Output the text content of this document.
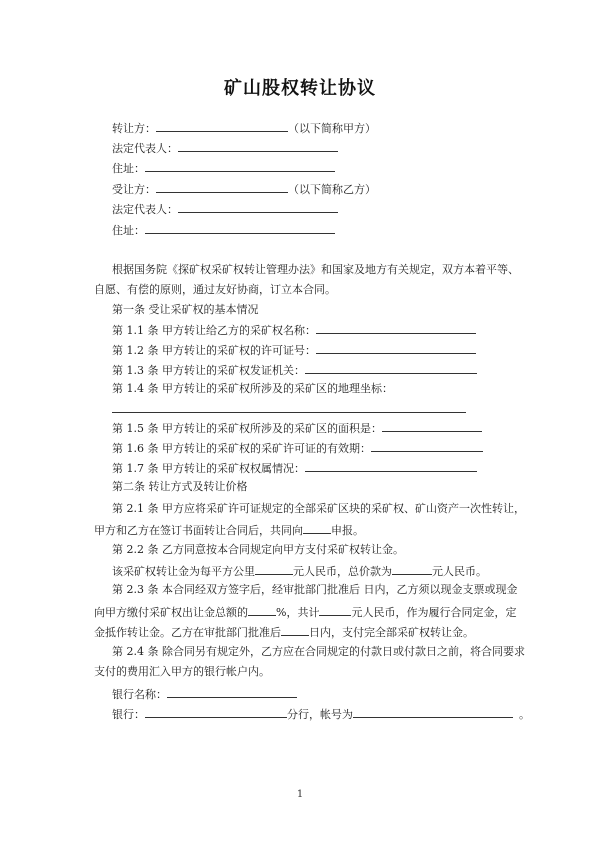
矿山股权转让协议
转让方：	（以下简称甲方）
法定代表人：
住址：
受让方：	（以下简称乙方）
法定代表人：
住址：
根据国务院《探矿权采矿权转让管理办法》和国家及地方有关规定，双方本着平等、
自愿、有偿的原则，通过友好协商，订立本合同。
第一条 受让采矿权的基本情况
第 1.1 条 甲方转让给乙方的采矿权名称：
第 1.2 条 甲方转让的采矿权的许可证号：
第 1.3 条 甲方转让的采矿权发证机关：
第 1.4 条 甲方转让的采矿权所涉及的采矿区的地理坐标：
第 1.5 条 甲方转让的采矿权所涉及的采矿区的面积是：
第 1.6 条 甲方转让的采矿权的采矿许可证的有效期：
第 1.7 条 甲方转让的采矿权权属情况：
第二条 转让方式及转让价格
第 2.1 条 甲方应将采矿许可证规定的全部采矿区块的采矿权、矿山资产一次性转让，
甲方和乙方在签订书面转让合同后，共同向	申报。
第 2.2 条 乙方同意按本合同规定向甲方支付采矿权转让金。
该采矿权转让金为每平方公里	元人民币，总价款为	元人民币。
第 2.3 条 本合同经双方签字后，经审批部门批准后 日内，乙方须以现金支票或现金
向甲方缴付采矿权出让金总额的	%，共计	元人民币，作为履行合同定金，定
金抵作转让金。乙方在审批部门批准后	日内，支付完全部采矿权转让金。
第 2.4 条 除合同另有规定外，乙方应在合同规定的付款日或付款日之前，将合同要求
支付的费用汇入甲方的银行帐户内。
银行名称：
银行：	分行，帐号为	。
1
